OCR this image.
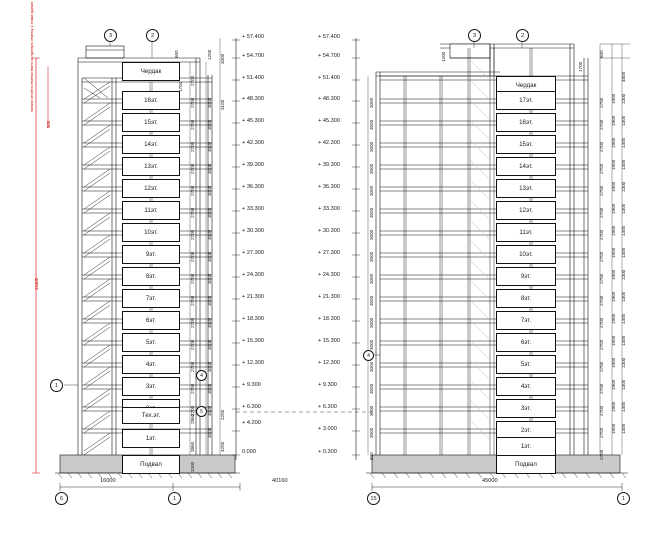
Чердак
16эт.
15эт.
14эт.
13эт.
12эт.
11эт.
10эт.
9эт.
8эт.
7эт.
6эт.
5эт.
4эт.
3эт.
Тех.эт.
1эт.
Подвал
+ 57.400
+ 54.700
+ 51.400
+ 48.300
+ 45.300
+ 42.300
+ 39.300
+ 36.300
+ 33.300
+ 30.300
+ 27.300
+ 24.300
+ 21.300
+ 18.300
+ 15.300
+ 12.300
+ 9.300
+ 6.300
+ 4.200
0.000
2700
2700
2700
2700
2700
2700
2700
2700
2700
2700
2700
2700
2700
2700
2700
2860
3860
2000
3000
3000
3000
3000
3000
3000
3000
3000
3000
3000
3000
3000
3000
3000
3000
3000
2200
4200
600	1200 3300
2700
1700
3100
43400
500
начало отсчёта отметок взято за нулевую отметку 1 этажа здания	3	2
1
4
5
6	1
16000	40160
Чердак
17эт.
16эт.
15эт.
14эт.
13эт.
12эт.
11эт.
10эт.
9эт.
8эт.
7эт.
6эт.
5эт.
4эт.
3эт.
2эт.
1эт.
Подвал
+ 57.400
+ 54.700
+ 51.400
+ 48.300
+ 45.300
+ 42.300
+ 39.300
+ 36.300
+ 33.300
+ 30.300
+ 27.300
+ 24.300
+ 21.300
+ 18.300
+ 15.300
+ 12.300
+ 9.300
+ 6.300
+ 3.000
+ 0.300
3000
3000
3000
3000
3000
3000
3000
3000
3000
3000
3000
3000
3000
3000
3000
3000
500
2700
2700
2700
2700
2700
2700
2700
2700
2700
2700
2700
2700
2700
2700
2700
2700
2700
1900 1300
1900 1300
1900 1300
1900 1300
1900 1300
1900 1300
1900 1300
1900 1300
1900 1300
1900 1300
1900 1300
1900 1300
1900 1300
1900 1300
1900 1300
1900 1300
600
1200
1700
4800
3	2
4
15	1
45000
